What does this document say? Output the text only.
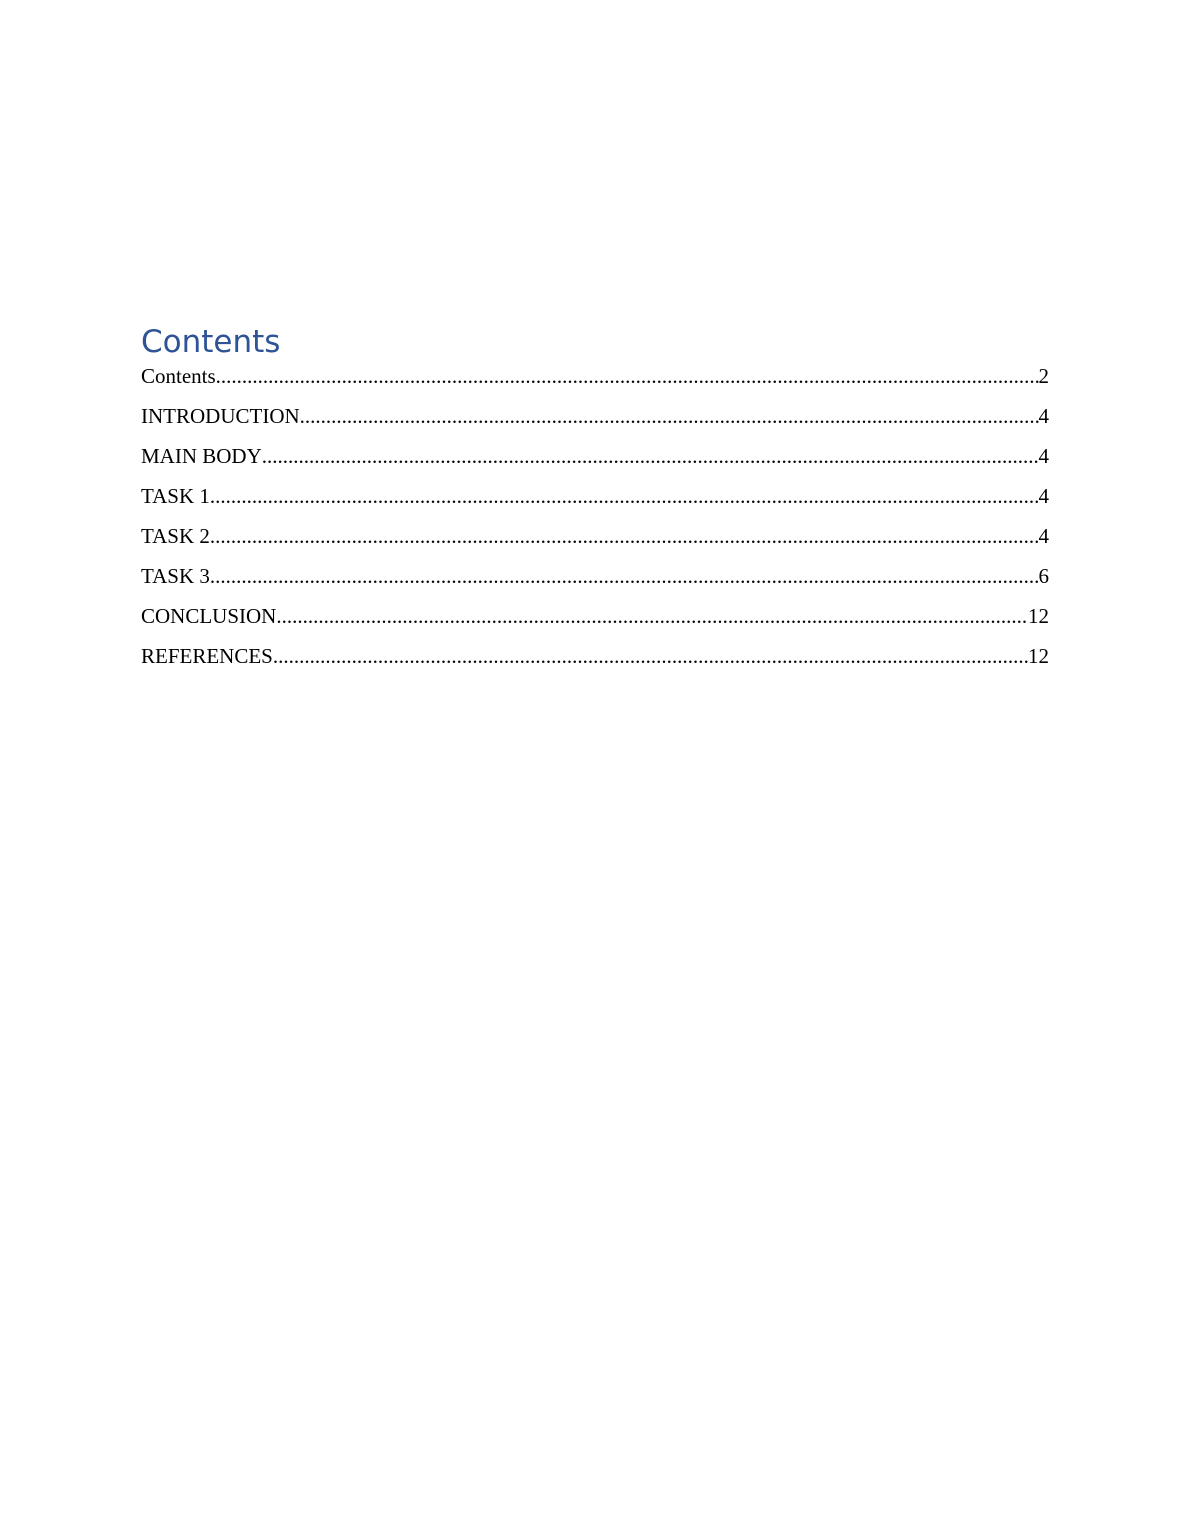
Contents
Contents .....	2
INTRODUCTION .....	4
MAIN BODY .....	4
TASK 1 .....	4
TASK 2 .....	4
TASK 3 .....	6
CONCLUSION .....	12
REFERENCES .....	12
